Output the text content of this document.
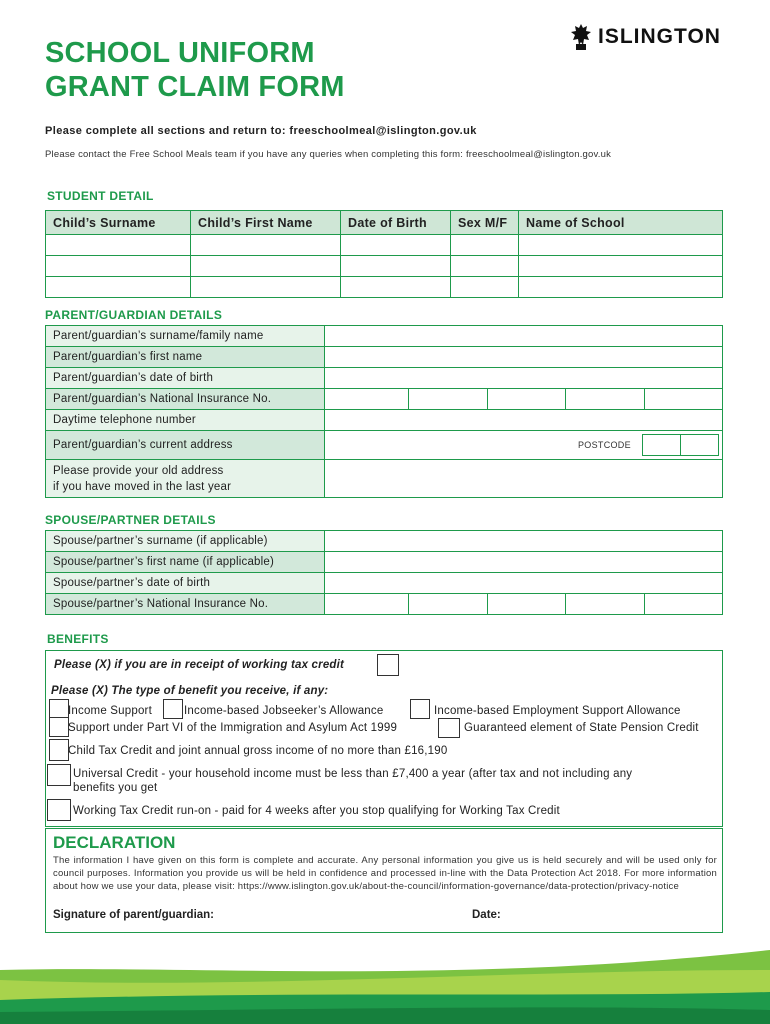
SCHOOL UNIFORM
GRANT CLAIM FORM
ISLINGTON
Please complete all sections and return to: freeschoolmeal@islington.gov.uk
Please contact the Free School Meals team if you have any queries when completing this form: freeschoolmeal@islington.gov.uk
STUDENT DETAIL
Child’s Surname	Child’s First Name	Date of Birth	Sex M/F	Name of School

PARENT/GUARDIAN DETAILS
Parent/guardian’s surname/family name	
Parent/guardian’s first name	
Parent/guardian’s date of birth	
Parent/guardian’s National Insurance No.	

Daytime telephone number	
Parent/guardian’s current address	

Please provide your old address
if you have moved in the last year	

POSTCODE
SPOUSE/PARTNER DETAILS
Spouse/partner’s surname (if applicable)	
Spouse/partner’s first name (if applicable)	
Spouse/partner’s date of birth	
Spouse/partner’s National Insurance No.	
BENEFITS
Please (X) if you are in receipt of working tax credit
Please (X) The type of benefit you receive, if any:
Income Support	Income-based Jobseeker’s Allowance	Income-based Employment Support Allowance
Support under Part VI of the Immigration and Asylum Act 1999	Guaranteed element of State Pension Credit
Child Tax Credit and joint annual gross income of no more than £16,190
Universal Credit - your household income must be less than £7,400 a year (after tax and not including any
benefits you get
Working Tax Credit run-on - paid for 4 weeks after you stop qualifying for Working Tax Credit
DECLARATION
The information I have given on this form is complete and accurate. Any personal information you give us is held securely and will be used only for council purposes. Information you provide us will be held in confidence and processed in-line with the Data Protection Act 2018. For more information about how we use your data, please visit: https://www.islington.gov.uk/about-the-council/information-governance/data-protection/privacy-notice
Signature of parent/guardian:	Date:
